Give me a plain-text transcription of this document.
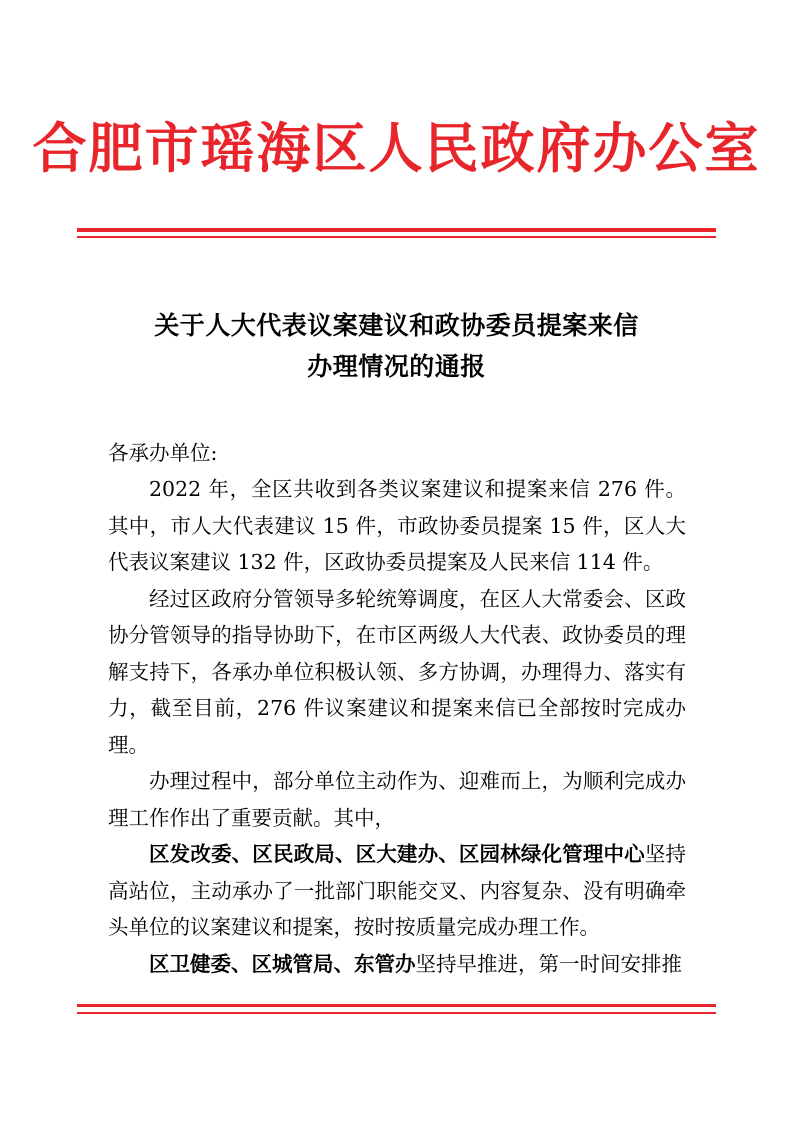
合肥市瑶海区人民政府办公室
关于人大代表议案建议和政协委员提案来信
办理情况的通报

各承办单位:

2022 年，全区共收到各类议案建议和提案来信 276 件。其中，市人大代表建议 15 件，市政协委员提案 15 件，区人大代表议案建议 132 件，区政协委员提案及人民来信 114 件。

经过区政府分管领导多轮统筹调度，在区人大常委会、区政协分管领导的指导协助下，在市区两级人大代表、政协委员的理解支持下，各承办单位积极认领、多方协调，办理得力、落实有力，截至目前，276 件议案建议和提案来信已全部按时完成办理。

办理过程中，部分单位主动作为、迎难而上，为顺利完成办理工作作出了重要贡献。其中，

区发改委、区民政局、区大建办、区园林绿化管理中心坚持高站位，主动承办了一批部门职能交叉、内容复杂、没有明确牵头单位的议案建议和提案，按时按质量完成办理工作。

区卫健委、区城管局、东管办坚持早推进，第一时间安排推
